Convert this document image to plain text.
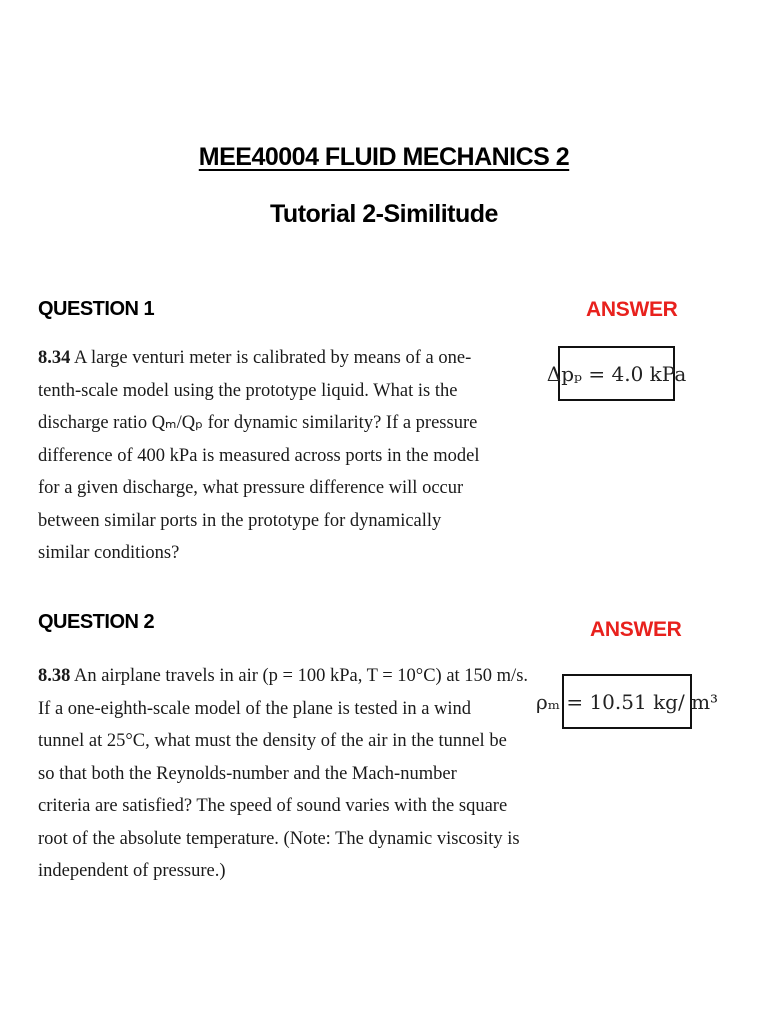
MEE40004 FLUID MECHANICS 2
Tutorial 2-Similitude
QUESTION 1	ANSWER
8.34 A large venturi meter is calibrated by means of a one-
tenth-scale model using the prototype liquid. What is the
discharge ratio Qₘ/Qₚ for dynamic similarity? If a pressure
difference of 400 kPa is measured across ports in the model
for a given discharge, what pressure difference will occur
between similar ports in the prototype for dynamically
similar conditions?
Δpₚ = 4.0 kPa
QUESTION 2	ANSWER
8.38 An airplane travels in air (p = 100 kPa, T = 10°C) at 150 m/s.
If a one-eighth-scale model of the plane is tested in a wind
tunnel at 25°C, what must the density of the air in the tunnel be
so that both the Reynolds-number and the Mach-number
criteria are satisfied? The speed of sound varies with the square
root of the absolute temperature. (Note: The dynamic viscosity is
independent of pressure.)
ρₘ = 10.51 kg/ m³
